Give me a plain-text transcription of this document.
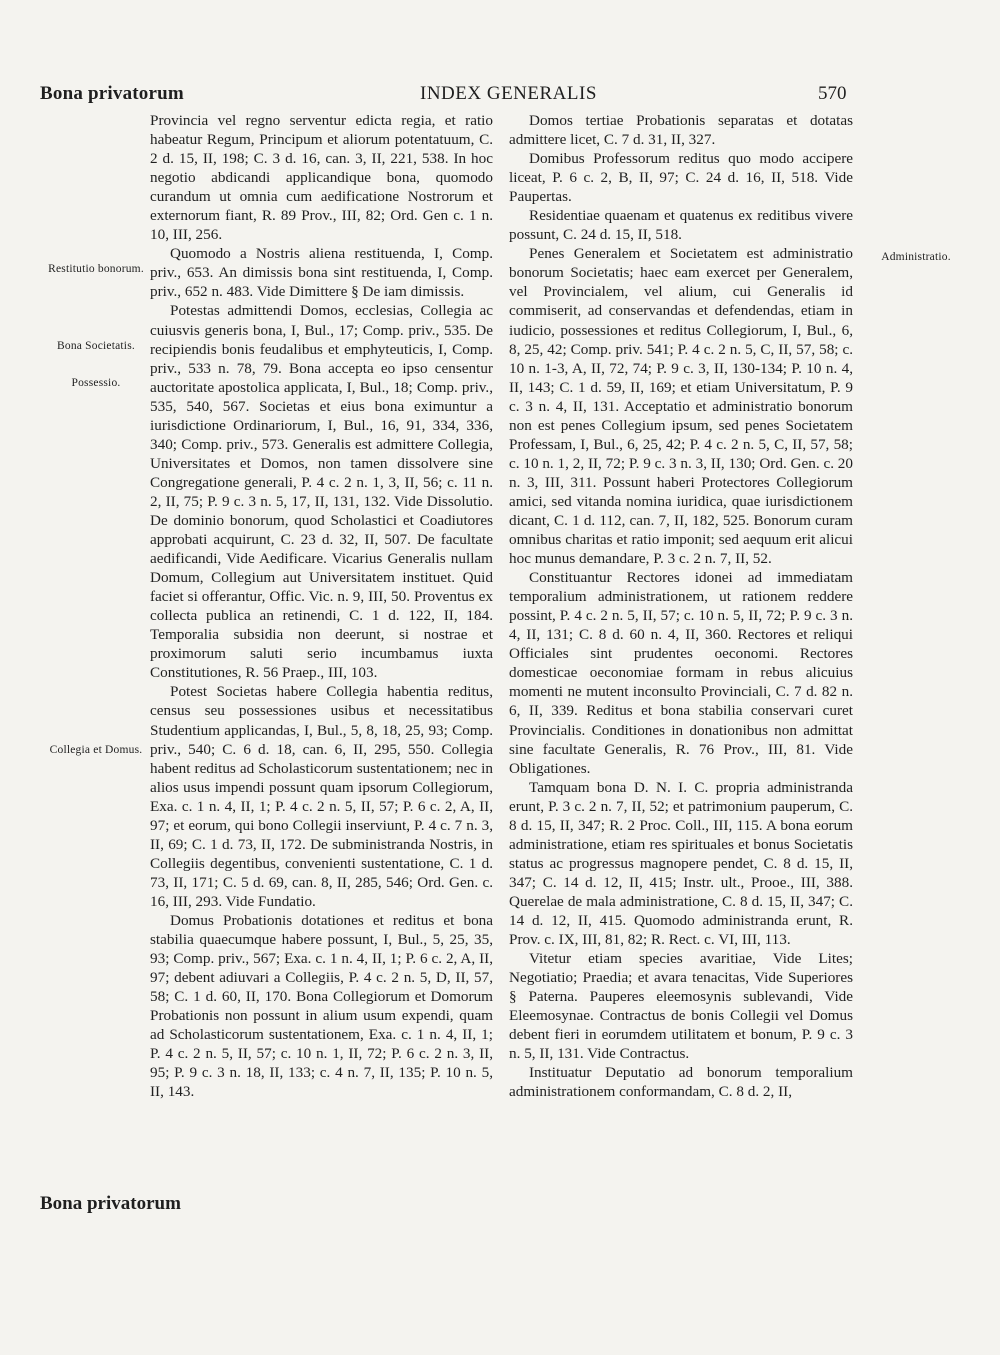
Bona privatorum	INDEX GENERALIS	570
Restitutio bonorum.
Bona Societatis.
Possessio.
Collegia et Domus.
Administratio.

Provincia vel regno serventur edicta regia, et ratio habeatur Regum, Principum et aliorum potentatuum, C. 2 d. 15, II, 198; C. 3 d. 16, can. 3, II, 221, 538. In hoc negotio abdicandi applicandique bona, quomodo curandum ut omnia cum aedificatione Nostrorum et externorum fiant, R. 89 Prov., III, 82; Ord. Gen c. 1 n. 10, III, 256.

Quomodo a Nostris aliena restituenda, I, Comp. priv., 653. An dimissis bona sint restituenda, I, Comp. priv., 652 n. 483. Vide Dimittere § De iam dimissis.

Potestas admittendi Domos, ecclesias, Collegia ac cuiusvis generis bona, I, Bul., 17; Comp. priv., 535. De recipiendis bonis feudalibus et emphyteuticis, I, Comp. priv., 533 n. 78, 79. Bona accepta eo ipso censentur auctoritate apostolica applicata, I, Bul., 18; Comp. priv., 535, 540, 567. Societas et eius bona eximuntur a iurisdictione Ordinariorum, I, Bul., 16, 91, 334, 336, 340; Comp. priv., 573. Generalis est admittere Collegia, Universitates et Domos, non tamen dissolvere sine Congregatione generali, P. 4 c. 2 n. 1, 3, II, 56; c. 11 n. 2, II, 75; P. 9 c. 3 n. 5, 17, II, 131, 132. Vide Dissolutio. De dominio bonorum, quod Scholastici et Coadiutores approbati acquirunt, C. 23 d. 32, II, 507. De facultate aedificandi, Vide Aedificare. Vicarius Generalis nullam Domum, Collegium aut Universitatem instituet. Quid faciet si offerantur, Offic. Vic. n. 9, III, 50. Proventus ex collecta publica an retinendi, C. 1 d. 122, II, 184. Temporalia subsidia non deerunt, si nostrae et proximorum saluti serio incumbamus iuxta Constitutiones, R. 56 Praep., III, 103.

Potest Societas habere Collegia habentia reditus, census seu possessiones usibus et necessitatibus Studentium applicandas, I, Bul., 5, 8, 18, 25, 93; Comp. priv., 540; C. 6 d. 18, can. 6, II, 295, 550. Collegia habent reditus ad Scholasticorum sustentationem; nec in alios usus impendi possunt quam ipsorum Collegiorum, Exa. c. 1 n. 4, II, 1; P. 4 c. 2 n. 5, II, 57; P. 6 c. 2, A, II, 97; et eorum, qui bono Collegii inserviunt, P. 4 c. 7 n. 3, II, 69; C. 1 d. 73, II, 172. De subministranda Nostris, in Collegiis degentibus, convenienti sustentatione, C. 1 d. 73, II, 171; C. 5 d. 69, can. 8, II, 285, 546; Ord. Gen. c. 16, III, 293. Vide Fundatio.

Domus Probationis dotationes et reditus et bona stabilia quaecumque habere possunt, I, Bul., 5, 25, 35, 93; Comp. priv., 567; Exa. c. 1 n. 4, II, 1; P. 6 c. 2, A, II, 97; debent adiuvari a Collegiis, P. 4 c. 2 n. 5, D, II, 57, 58; C. 1 d. 60, II, 170. Bona Collegiorum et Domorum Probationis non possunt in alium usum expendi, quam ad Scholasticorum sustentationem, Exa. c. 1 n. 4, II, 1; P. 4 c. 2 n. 5, II, 57; c. 10 n. 1, II, 72; P. 6 c. 2 n. 3, II, 95; P. 9 c. 3 n. 18, II, 133; c. 4 n. 7, II, 135; P. 10 n. 5, II, 143.

Domos tertiae Probationis separatas et dotatas admittere licet, C. 7 d. 31, II, 327.

Domibus Professorum reditus quo modo accipere liceat, P. 6 c. 2, B, II, 97; C. 24 d. 16, II, 518. Vide Paupertas.

Residentiae quaenam et quatenus ex reditibus vivere possunt, C. 24 d. 15, II, 518.

Penes Generalem et Societatem est administratio bonorum Societatis; haec eam exercet per Generalem, vel Provincialem, vel alium, cui Generalis id commiserit, ad conservandas et defendendas, etiam in iudicio, possessiones et reditus Collegiorum, I, Bul., 6, 8, 25, 42; Comp. priv. 541; P. 4 c. 2 n. 5, C, II, 57, 58; c. 10 n. 1-3, A, II, 72, 74; P. 9 c. 3, II, 130-134; P. 10 n. 4, II, 143; C. 1 d. 59, II, 169; et etiam Universitatum, P. 9 c. 3 n. 4, II, 131. Acceptatio et administratio bonorum non est penes Collegium ipsum, sed penes Societatem Professam, I, Bul., 6, 25, 42; P. 4 c. 2 n. 5, C, II, 57, 58; c. 10 n. 1, 2, II, 72; P. 9 c. 3 n. 3, II, 130; Ord. Gen. c. 20 n. 3, III, 311. Possunt haberi Protectores Collegiorum amici, sed vitanda nomina iuridica, quae iurisdictionem dicant, C. 1 d. 112, can. 7, II, 182, 525. Bonorum curam omnibus charitas et ratio imponit; sed aequum erit alicui hoc munus demandare, P. 3 c. 2 n. 7, II, 52.

Constituantur Rectores idonei ad immediatam temporalium administrationem, ut rationem reddere possint, P. 4 c. 2 n. 5, II, 57; c. 10 n. 5, II, 72; P. 9 c. 3 n. 4, II, 131; C. 8 d. 60 n. 4, II, 360. Rectores et reliqui Officiales sint prudentes oeconomi. Rectores domesticae oeconomiae formam in rebus alicuius momenti ne mutent inconsulto Provinciali, C. 7 d. 82 n. 6, II, 339. Reditus et bona stabilia conservari curet Provincialis. Conditiones in donationibus non admittat sine facultate Generalis, R. 76 Prov., III, 81. Vide Obligationes.

Tamquam bona D. N. I. C. propria administranda erunt, P. 3 c. 2 n. 7, II, 52; et patrimonium pauperum, C. 8 d. 15, II, 347; R. 2 Proc. Coll., III, 115. A bona eorum administratione, etiam res spirituales et bonus Societatis status ac progressus magnopere pendet, C. 8 d. 15, II, 347; C. 14 d. 12, II, 415; Instr. ult., Prooe., III, 388. Querelae de mala administratione, C. 8 d. 15, II, 347; C. 14 d. 12, II, 415. Quomodo administranda erunt, R. Prov. c. IX, III, 81, 82; R. Rect. c. VI, III, 113.

Vitetur etiam species avaritiae, Vide Lites; Negotiatio; Praedia; et avara tenacitas, Vide Superiores § Paterna. Pauperes eleemosynis sublevandi, Vide Eleemosynae. Contractus de bonis Collegii vel Domus debent fieri in eorumdem utilitatem et bonum, P. 9 c. 3 n. 5, II, 131. Vide Contractus.

Instituatur Deputatio ad bonorum temporalium administrationem conformandam, C. 8 d. 2, II,

Bona privatorum
